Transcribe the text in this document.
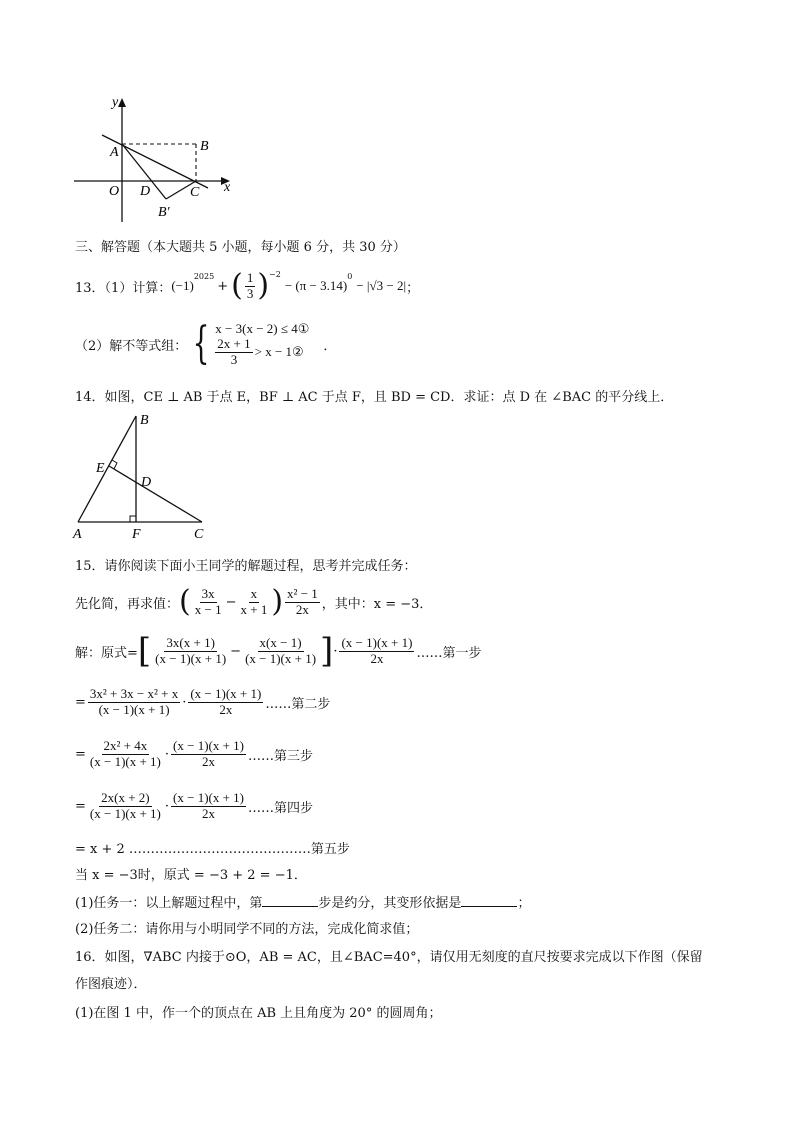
y
A	B
O D	C x
B′
三、解答题（本大题共 5 小题，每小题 6 分，共 30 分）
13．（1）计算： (−1)
$^{2025}$
+ ( $\frac{1}{3} )^{-2}$
− (π − 3.14)
$^0$
− |√3 − 2| ；
（2）解不等式组： { x − 3(x − 2) ≤ 4①
$\frac{2x + 1}{3} > x$ − 1② ．
14．如图，CE ⊥ AB 于点 E，BF ⊥ AC 于点 F，且 BD = CD．求证：点 D 在 ∠BAC 的平分线上．
B
E
D
A	F	C
15．请你阅读下面小王同学的解题过程，思考并完成任务：
先化简，再求值： ( $\frac{3x}{x - 1} - \frac{x}{x + 1}$ ) $\frac{\text{x² − 1}}{2x}$ ，其中：x = −3．
解：原式= [ $\frac{3x(x + 1)}{(x - 1)(x + 1)} - \frac{x(x - 1)}{(x - 1)(x + 1)}$ ] · $\frac{(x - 1)(x + 1)}{2x}$ ……第一步
= $\frac{\text{3x² + 3x − x² + x}}{(x - 1)(x + 1)} \cdot \frac{(x - 1)(x + 1)}{2x}$ ……第二步
= $\frac{\text{2x² + 4x}}{(x - 1)(x + 1)} \cdot \frac{(x - 1)(x + 1)}{2x}$ ……第三步
= $\frac{2x(x + 2)}{(x - 1)(x + 1)} \cdot \frac{(x - 1)(x + 1)}{2x}$ ……第四步
= x + 2 ……………………………………第五步
当 x = −3时，原式 = −3 + 2 = −1．
(1)任务一：以上解题过程中，第	步是约分，其变形依据是	；
(2)任务二：请你用与小明同学不同的方法，完成化简求值；
16．如图，∇ABC 内接于⊙O，AB = AC，且∠BAC=40°，请仅用无刻度的直尺按要求完成以下作图（保留
作图痕迹）．
(1)在图 1 中，作一个的顶点在 AB 上且角度为 20° 的圆周角；
